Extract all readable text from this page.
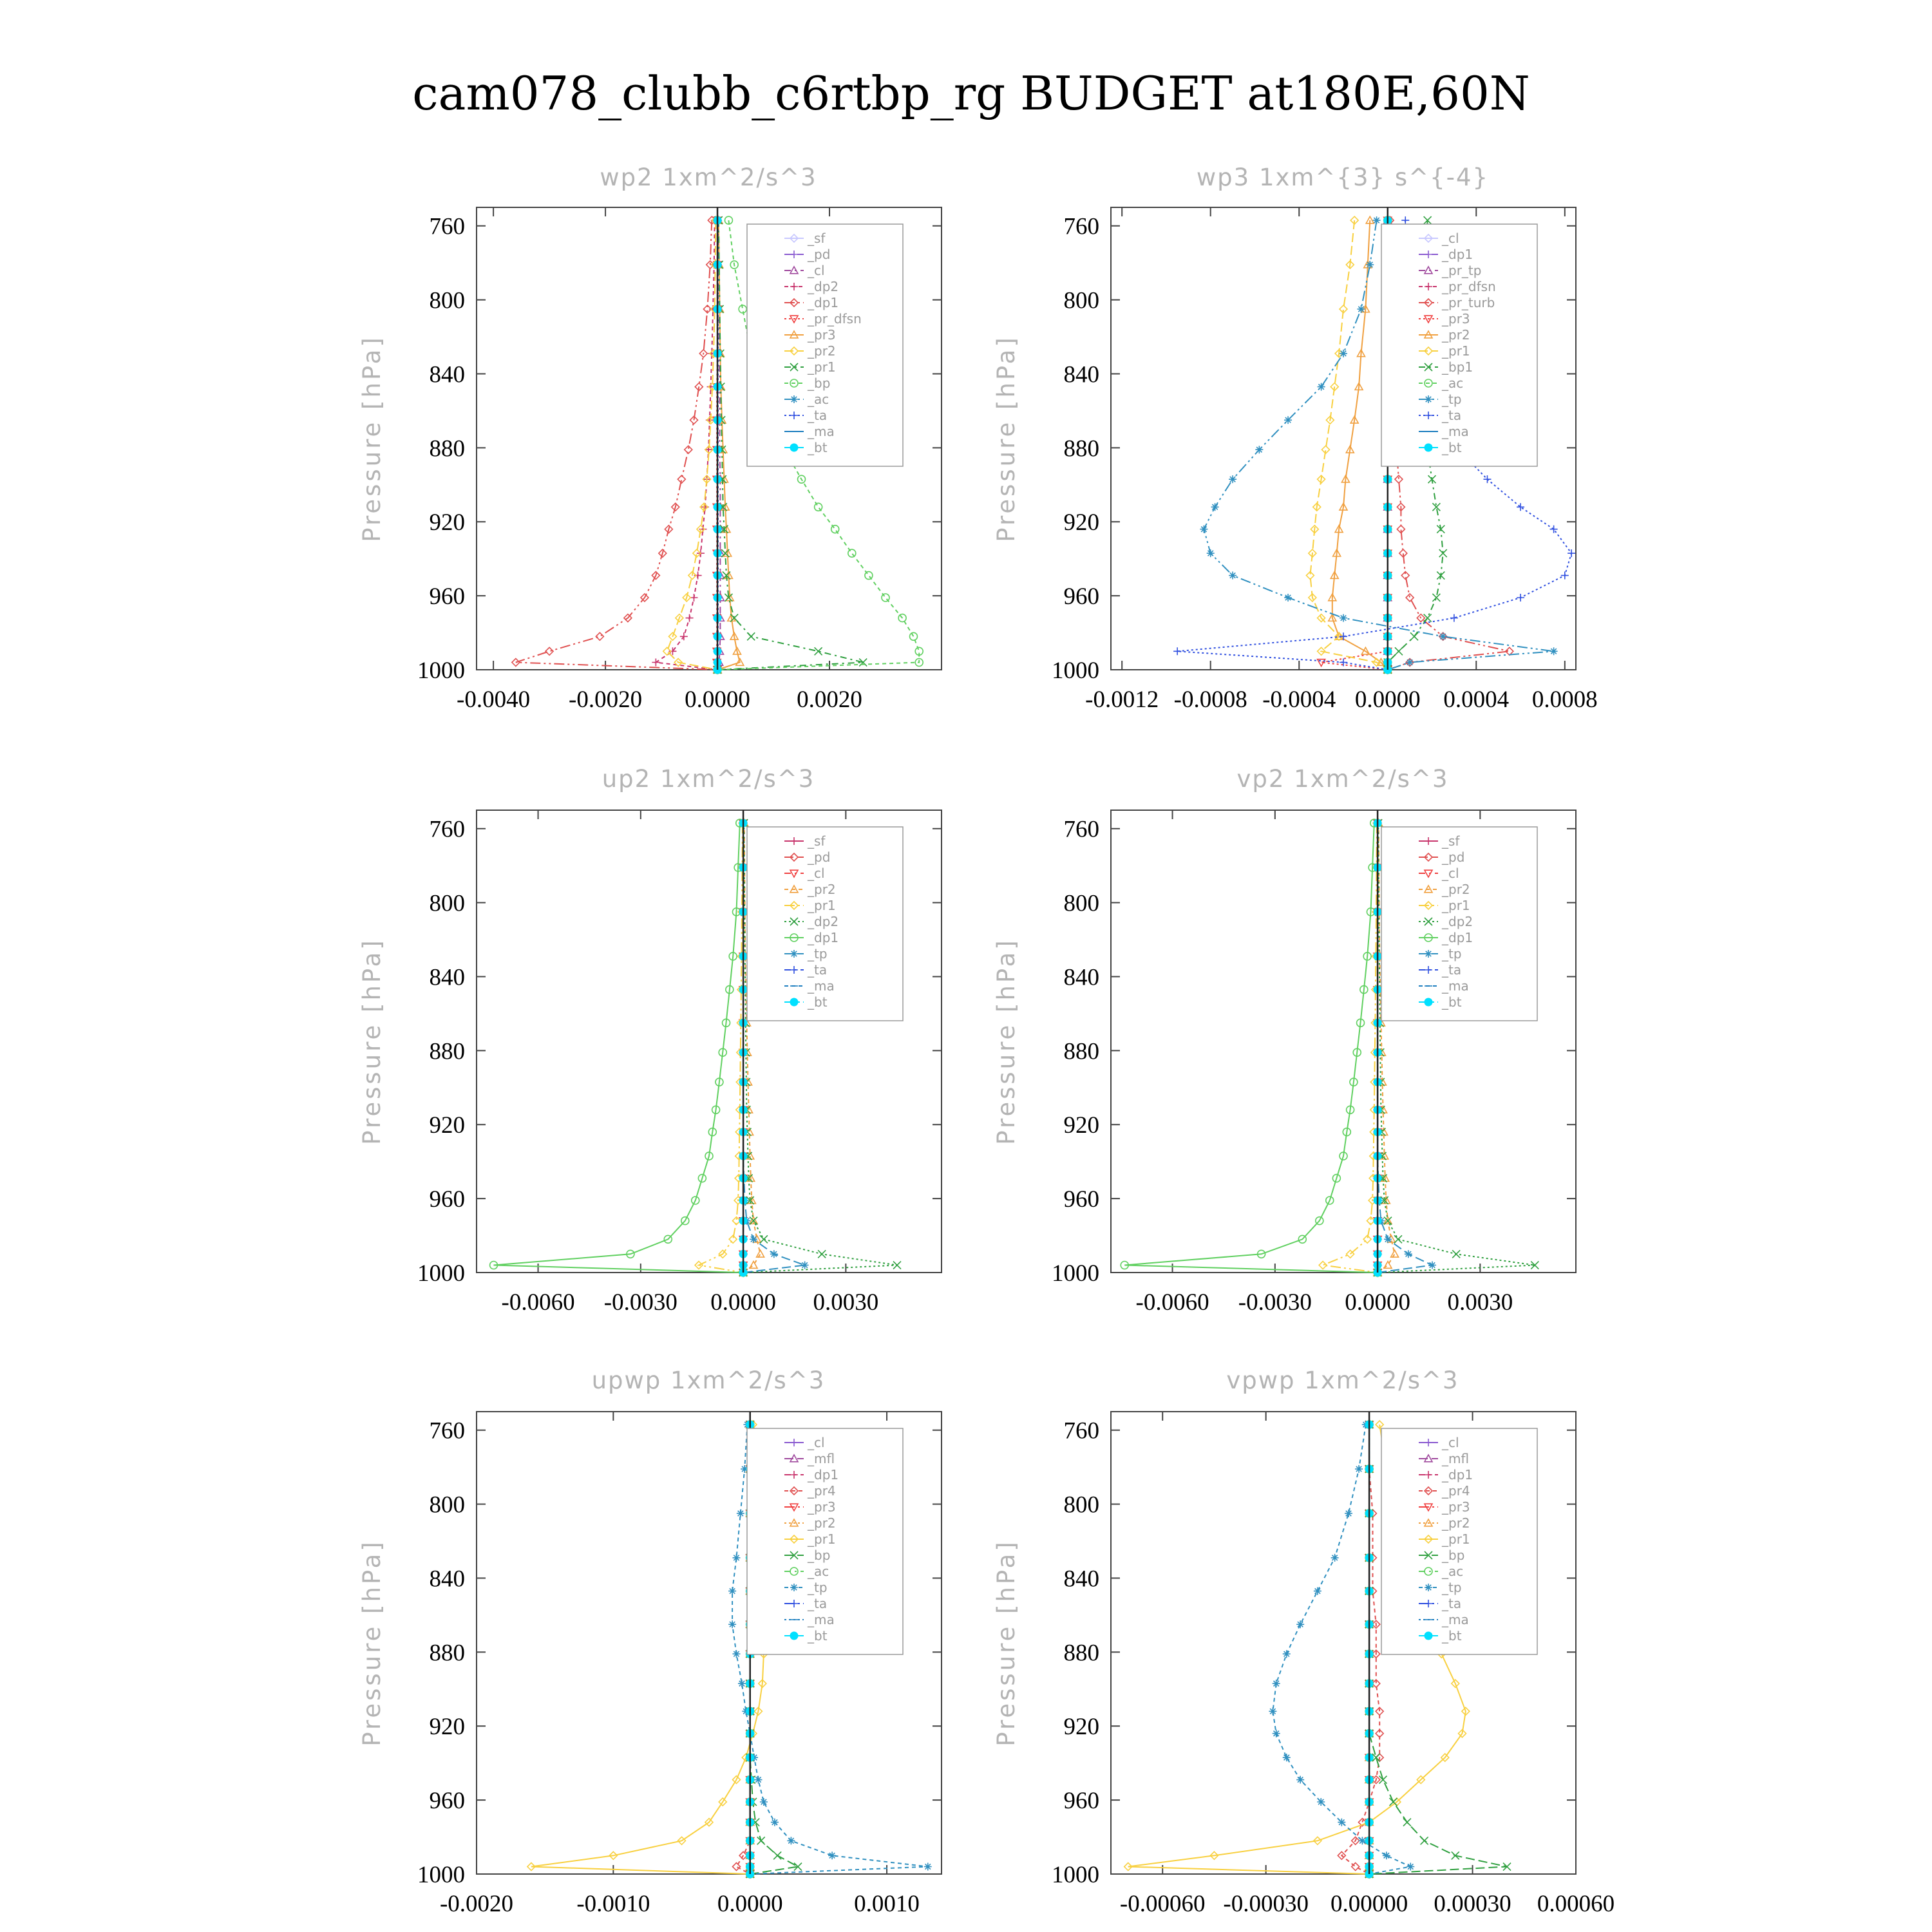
cam078_clubb_c6rtbp_rg BUDGET at180E,60N
wp2 1xm^2/s^3
Pressure [hPa]
760
800
840
880
920
960
1000
-0.0040 -0.0020 0.0000 0.0020
_sf
_pd
_cl
_dp2
_dp1
_pr_dfsn
_pr3
_pr2
_pr1
_bp
_ac
_ta
_ma
_bt
wp3 1xm^{3} s^{-4}
Pressure [hPa]
760
800
840
880
920
960
1000
-0.0012 -0.0008 -0.0004 0.0000 0.0004 0.0008
_cl
_dp1
_pr_tp
_pr_dfsn
_pr_turb
_pr3
_pr2
_pr1
_bp1
_ac
_tp
_ta
_ma
_bt
up2 1xm^2/s^3
Pressure [hPa]
760
800
840
880
920
960
1000
-0.0060 -0.0030 0.0000 0.0030
_sf
_pd
_cl
_pr2
_pr1
_dp2
_dp1
_tp
_ta
_ma
_bt
vp2 1xm^2/s^3
Pressure [hPa]
760
800
840
880
920
960
1000
-0.0060 -0.0030 0.0000 0.0030
_sf
_pd
_cl
_pr2
_pr1
_dp2
_dp1
_tp
_ta
_ma
_bt
upwp 1xm^2/s^3
Pressure [hPa]
760
800
840
880
920
960
1000
-0.0020	-0.0010	0.0000	0.0010
_cl
_mfl
_dp1
_pr4
_pr3
_pr2
_pr1
_bp
_ac
_tp
_ta
_ma
_bt
vpwp 1xm^2/s^3
Pressure [hPa]
760
800
840
880
920
960
1000
-0.00060 -0.00030 0.00000 0.00030 0.00060
_cl
_mfl
_dp1
_pr4
_pr3
_pr2
_pr1
_bp
_ac
_tp
_ta
_ma
_bt
